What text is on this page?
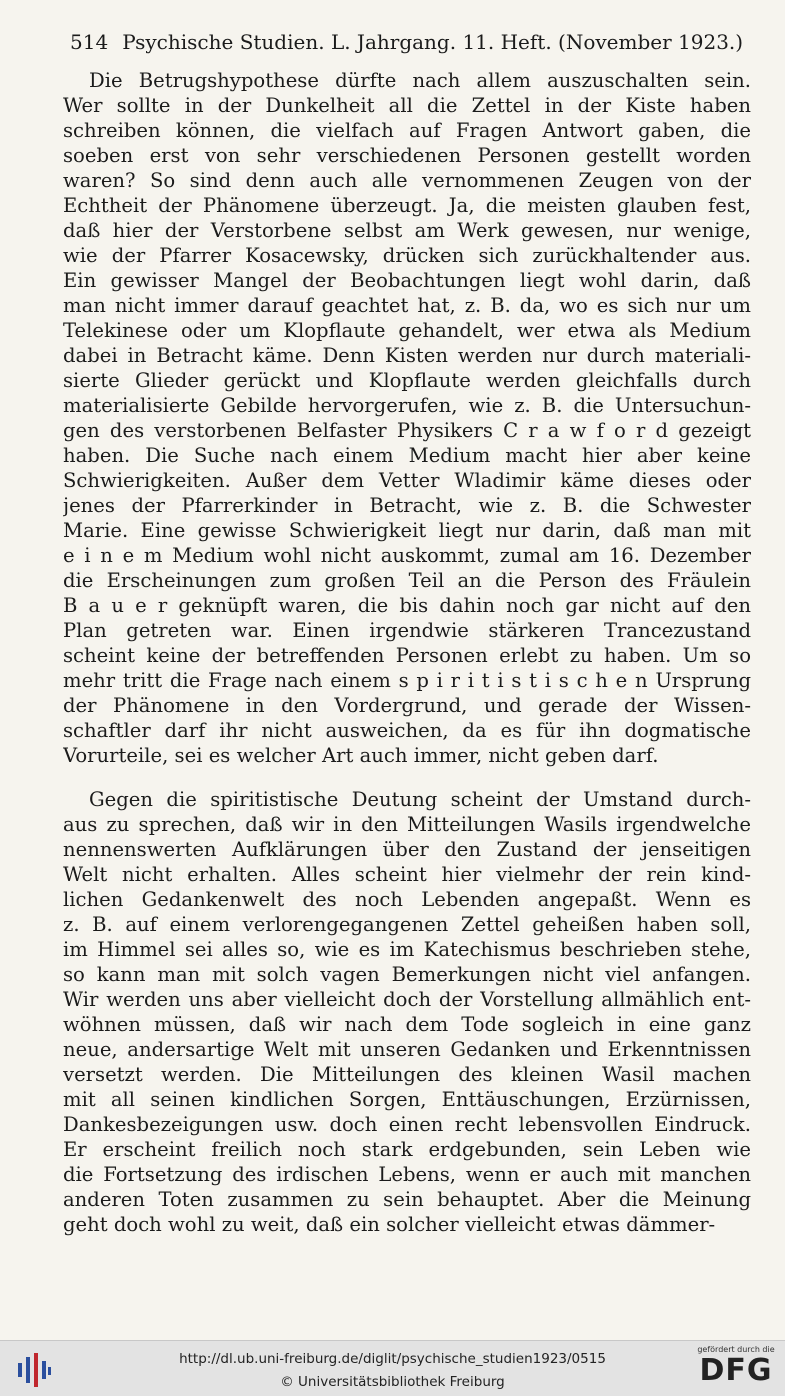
514 Psychische Studien. L. Jahrgang. 11. Heft. (November 1923.)
Die Betrugshypothese dürfte nach allem auszuschalten sein.
Wer sollte in der Dunkelheit all die Zettel in der Kiste haben
schreiben können, die vielfach auf Fragen Antwort gaben, die
soeben erst von sehr verschiedenen Personen gestellt worden
waren? So sind denn auch alle vernommenen Zeugen von der
Echtheit der Phänomene überzeugt. Ja, die meisten glauben fest,
daß hier der Verstorbene selbst am Werk gewesen, nur wenige,
wie der Pfarrer Kosacewsky, drücken sich zurückhaltender aus.
Ein gewisser Mangel der Beobachtungen liegt wohl darin, daß
man nicht immer darauf geachtet hat, z. B. da, wo es sich nur um
Telekinese oder um Klopflaute gehandelt, wer etwa als Medium
dabei in Betracht käme. Denn Kisten werden nur durch materiali-
sierte Glieder gerückt und Klopflaute werden gleichfalls durch
materialisierte Gebilde hervorgerufen, wie z. B. die Untersuchun-
gen des verstorbenen Belfaster Physikers C r a w f o r d gezeigt
haben. Die Suche nach einem Medium macht hier aber keine
Schwierigkeiten. Außer dem Vetter Wladimir käme dieses oder
jenes der Pfarrerkinder in Betracht, wie z. B. die Schwester
Marie. Eine gewisse Schwierigkeit liegt nur darin, daß man mit
e i n e m Medium wohl nicht auskommt, zumal am 16. Dezember
die Erscheinungen zum großen Teil an die Person des Fräulein
B a u e r geknüpft waren, die bis dahin noch gar nicht auf den
Plan getreten war. Einen irgendwie stärkeren Trancezustand
scheint keine der betreffenden Personen erlebt zu haben. Um so
mehr tritt die Frage nach einem s p i r i t i s t i s c h e n Ursprung
der Phänomene in den Vordergrund, und gerade der Wissen-
schaftler darf ihr nicht ausweichen, da es für ihn dogmatische
Vorurteile, sei es welcher Art auch immer, nicht geben darf.
Gegen die spiritistische Deutung scheint der Umstand durch-
aus zu sprechen, daß wir in den Mitteilungen Wasils irgendwelche
nennenswerten Aufklärungen über den Zustand der jenseitigen
Welt nicht erhalten. Alles scheint hier vielmehr der rein kind-
lichen Gedankenwelt des noch Lebenden angepaßt. Wenn es
z. B. auf einem verlorengegangenen Zettel geheißen haben soll,
im Himmel sei alles so, wie es im Katechismus beschrieben stehe,
so kann man mit solch vagen Bemerkungen nicht viel anfangen.
Wir werden uns aber vielleicht doch der Vorstellung allmählich ent-
wöhnen müssen, daß wir nach dem Tode sogleich in eine ganz
neue, andersartige Welt mit unseren Gedanken und Erkenntnissen
versetzt werden. Die Mitteilungen des kleinen Wasil machen
mit all seinen kindlichen Sorgen, Enttäuschungen, Erzürnissen,
Dankesbezeigungen usw. doch einen recht lebensvollen Eindruck.
Er erscheint freilich noch stark erdgebunden, sein Leben wie
die Fortsetzung des irdischen Lebens, wenn er auch mit manchen
anderen Toten zusammen zu sein behauptet. Aber die Meinung
geht doch wohl zu weit, daß ein solcher vielleicht etwas dämmer-
http://dl.ub.uni-freiburg.de/diglit/psychische_studien1923/0515
© Universitätsbibliothek Freiburg
gefördert durch die
DFG
